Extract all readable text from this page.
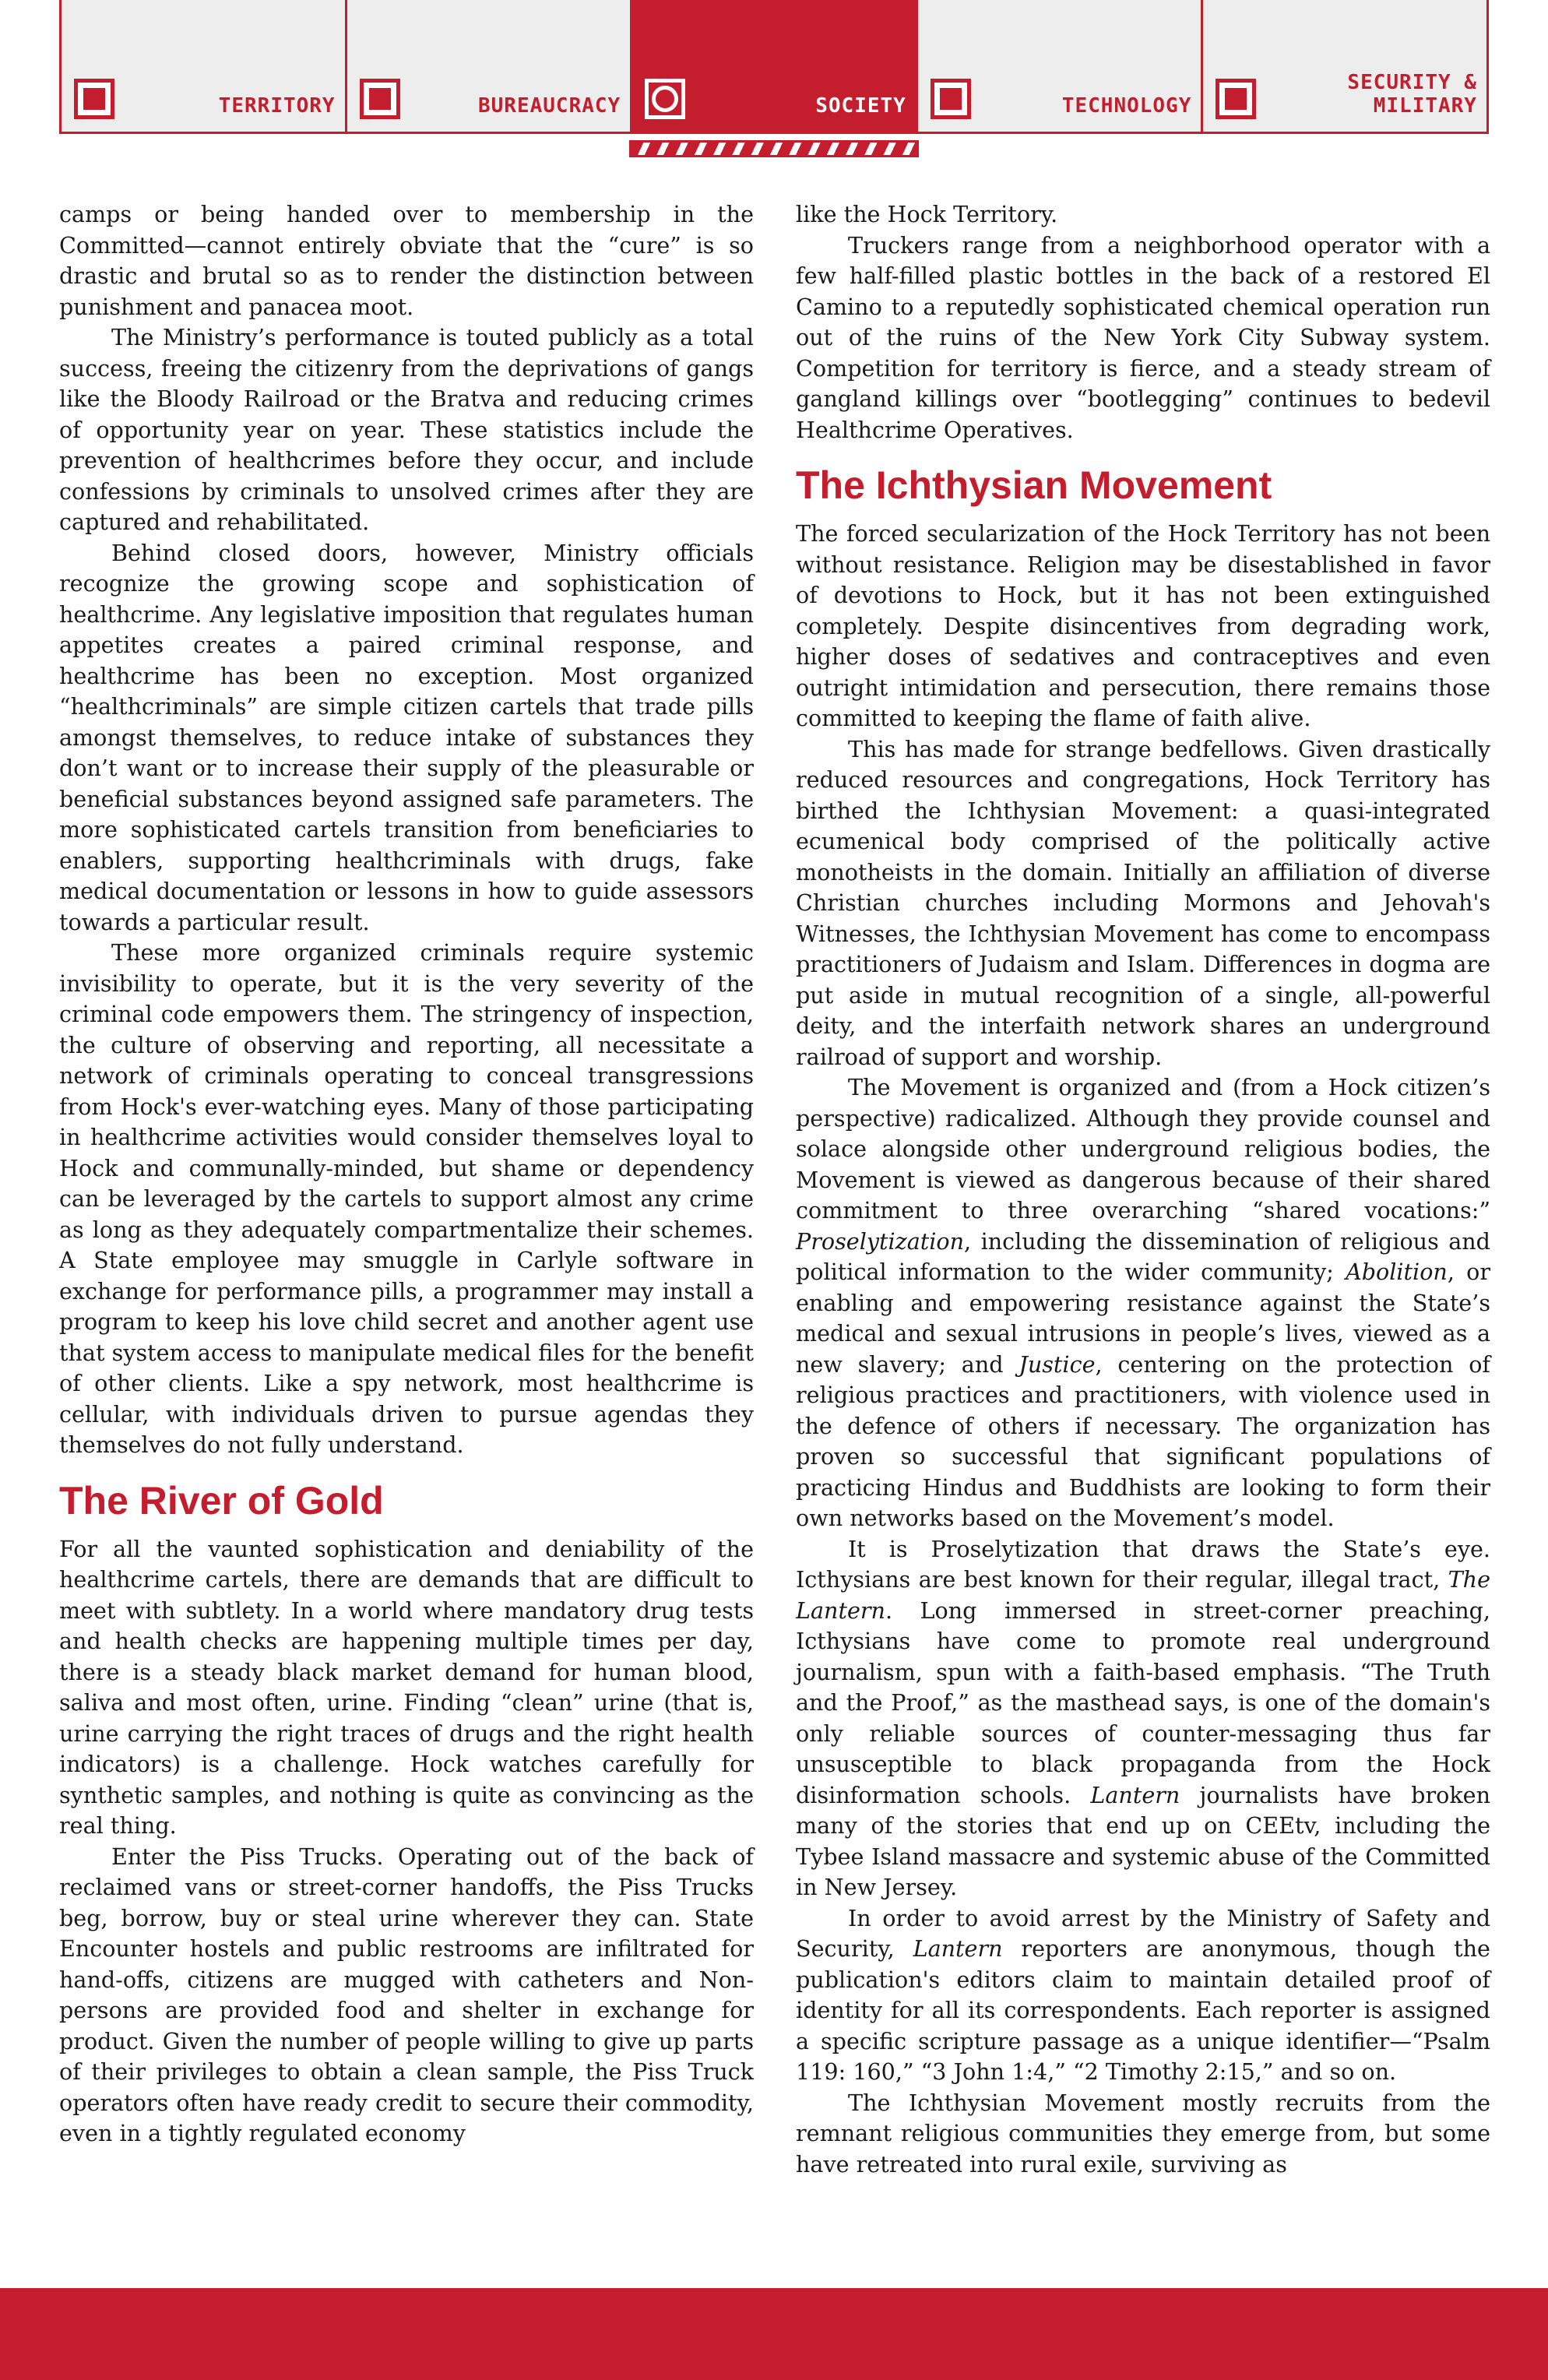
TERRITORY	BUREAUCRACY	SOCIETY	TECHNOLOGY
SECURITY &
MILITARY

camps or being handed over to membership in the Committed—cannot entirely obviate that the “cure” is so drastic and brutal so as to render the distinction between punishment and panacea moot.

The Ministry’s performance is touted publicly as a total success, freeing the citizenry from the deprivations of gangs like the Bloody Railroad or the Bratva and reducing crimes of opportunity year on year. These statistics include the prevention of healthcrimes before they occur, and include confessions by criminals to unsolved crimes after they are captured and rehabilitated.

Behind closed doors, however, Ministry officials recognize the growing scope and sophistication of healthcrime. Any legislative imposition that regulates human appetites creates a paired criminal response, and healthcrime has been no exception. Most organized “healthcriminals” are simple citizen cartels that trade pills amongst themselves, to reduce intake of substances they don’t want or to increase their supply of the pleasurable or beneficial substances beyond assigned safe parameters. The more sophisticated cartels transition from beneficiaries to enablers, supporting healthcriminals with drugs, fake medical documentation or lessons in how to guide assessors towards a particular result.

These more organized criminals require systemic invisibility to operate, but it is the very severity of the criminal code empowers them. The stringency of inspection, the culture of observing and reporting, all necessitate a network of criminals operating to conceal transgressions from Hock's ever-watching eyes. Many of those participating in healthcrime activities would consider themselves loyal to Hock and communally-minded, but shame or dependency can be leveraged by the cartels to support almost any crime as long as they adequately compartmentalize their schemes. A State employee may smuggle in Carlyle software in exchange for performance pills, a programmer may install a program to keep his love child secret and another agent use that system access to manipulate medical files for the benefit of other clients. Like a spy network, most healthcrime is cellular, with individuals driven to pursue agendas they themselves do not fully understand.

The River of Gold

For all the vaunted sophistication and deniability of the healthcrime cartels, there are demands that are difficult to meet with subtlety. In a world where mandatory drug tests and health checks are happening multiple times per day, there is a steady black market demand for human blood, saliva and most often, urine. Finding “clean” urine (that is, urine carrying the right traces of drugs and the right health indicators) is a challenge. Hock watches carefully for synthetic samples, and nothing is quite as convincing as the real thing.

Enter the Piss Trucks. Operating out of the back of reclaimed vans or street-corner handoffs, the Piss Trucks beg, borrow, buy or steal urine wherever they can. State Encounter hostels and public restrooms are infiltrated for hand-offs, citizens are mugged with catheters and Non-persons are provided food and shelter in exchange for product. Given the number of people willing to give up parts of their privileges to obtain a clean sample, the Piss Truck operators often have ready credit to secure their commodity, even in a tightly regulated economy

like the Hock Territory.

Truckers range from a neighborhood operator with a few half-filled plastic bottles in the back of a restored El Camino to a reputedly sophisticated chemical operation run out of the ruins of the New York City Subway system. Competition for territory is fierce, and a steady stream of gangland killings over “bootlegging” continues to bedevil Healthcrime Operatives.

The Ichthysian Movement

The forced secularization of the Hock Territory has not been without resistance. Religion may be disestablished in favor of devotions to Hock, but it has not been extinguished completely. Despite disincentives from degrading work, higher doses of sedatives and contraceptives and even outright intimidation and persecution, there remains those committed to keeping the flame of faith alive.

This has made for strange bedfellows. Given drastically reduced resources and congregations, Hock Territory has birthed the Ichthysian Movement: a quasi-integrated ecumenical body comprised of the politically active monotheists in the domain. Initially an affiliation of diverse Christian churches including Mormons and Jehovah's Witnesses, the Ichthysian Movement has come to encompass practitioners of Judaism and Islam. Differences in dogma are put aside in mutual recognition of a single, all-powerful deity, and the interfaith network shares an underground railroad of support and worship.

The Movement is organized and (from a Hock citizen’s perspective) radicalized. Although they provide counsel and solace alongside other underground religious bodies, the Movement is viewed as dangerous because of their shared commitment to three overarching “shared vocations:” Proselytization, including the dissemination of religious and political information to the wider community; Abolition, or enabling and empowering resistance against the State’s medical and sexual intrusions in people’s lives, viewed as a new slavery; and Justice, centering on the protection of religious practices and practitioners, with violence used in the defence of others if necessary. The organization has proven so successful that significant populations of practicing Hindus and Buddhists are looking to form their own networks based on the Movement’s model.

It is Proselytization that draws the State’s eye. Icthysians are best known for their regular, illegal tract, The Lantern. Long immersed in street-corner preaching, Icthysians have come to promote real underground journalism, spun with a faith-based emphasis. “The Truth and the Proof,” as the masthead says, is one of the domain's only reliable sources of counter-messaging thus far unsusceptible to black propaganda from the Hock disinformation schools. Lantern journalists have broken many of the stories that end up on CEEtv, including the Tybee Island massacre and systemic abuse of the Committed in New Jersey.

In order to avoid arrest by the Ministry of Safety and Security, Lantern reporters are anonymous, though the publication's editors claim to maintain detailed proof of identity for all its correspondents. Each reporter is assigned a specific scripture passage as a unique identifier—“Psalm 119: 160,” “3 John 1:4,” “2 Timothy 2:15,” and so on.

The Ichthysian Movement mostly recruits from the remnant religious communities they emerge from, but some have retreated into rural exile, surviving as
